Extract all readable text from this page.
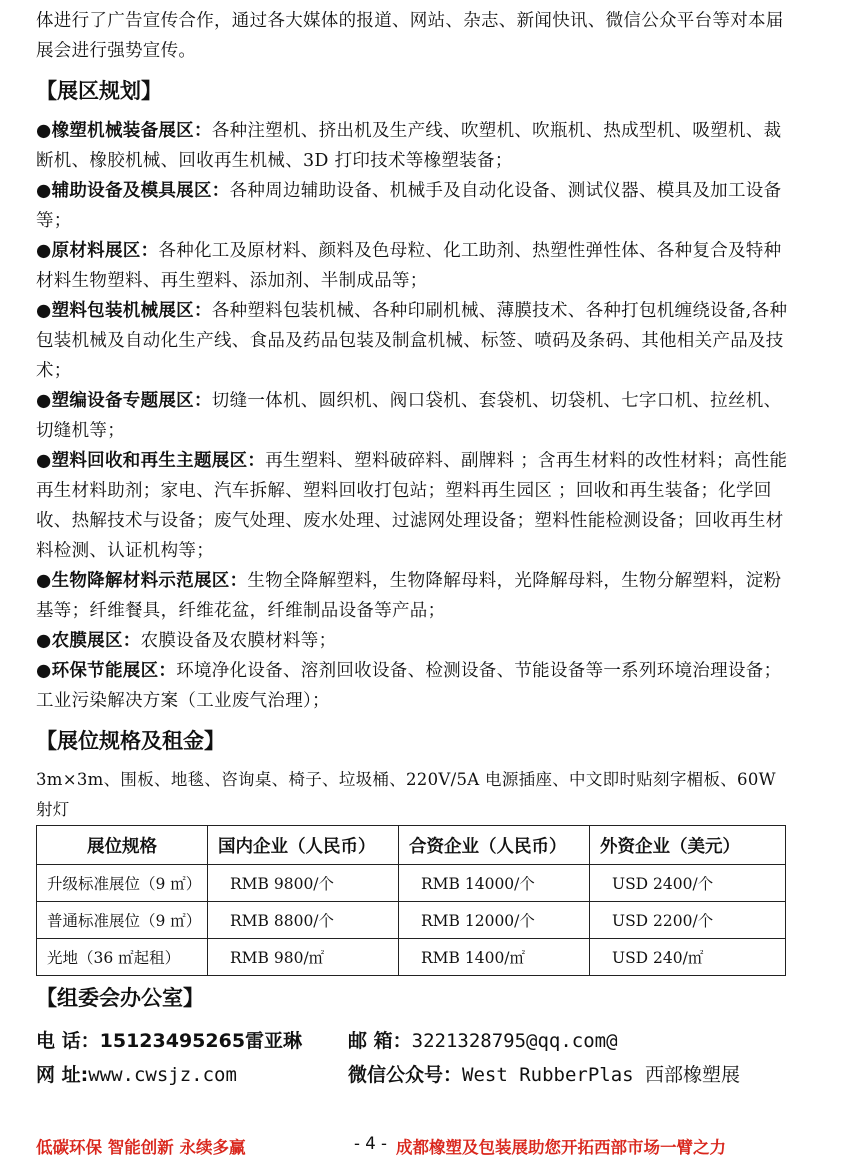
体进行了广告宣传合作，通过各大媒体的报道、网站、杂志、新闻快讯、微信公众平台等对本届展会进行强势宣传。
【展区规划】

●橡塑机械装备展区：各种注塑机、挤出机及生产线、吹塑机、吹瓶机、热成型机、吸塑机、裁断机、橡胶机械、回收再生机械、3D 打印技术等橡塑装备；

●辅助设备及模具展区：各种周边辅助设备、机械手及自动化设备、测试仪器、模具及加工设备等；

●原材料展区：各种化工及原材料、颜料及色母粒、化工助剂、热塑性弹性体、各种复合及特种材料生物塑料、再生塑料、添加剂、半制成品等；

●塑料包装机械展区：各种塑料包装机械、各种印刷机械、薄膜技术、各种打包机缠绕设备,各种包装机械及自动化生产线、食品及药品包装及制盒机械、标签、喷码及条码、其他相关产品及技术；

●塑编设备专题展区：切缝一体机、圆织机、阀口袋机、套袋机、切袋机、七字口机、拉丝机、切缝机等；

●塑料回收和再生主题展区：再生塑料、塑料破碎料、副牌料 ；含再生材料的改性材料；高性能再生材料助剂；家电、汽车拆解、塑料回收打包站；塑料再生园区 ；回收和再生装备；化学回收、热解技术与设备；废气处理、废水处理、过滤网处理设备；塑料性能检测设备；回收再生材料检测、认证机构等；

●生物降解材料示范展区：生物全降解塑料，生物降解母料，光降解母料，生物分解塑料，淀粉基等；纤维餐具，纤维花盆，纤维制品设备等产品；

●农膜展区：农膜设备及农膜材料等；

●环保节能展区：环境净化设备、溶剂回收设备、检测设备、节能设备等一系列环境治理设备；工业污染解决方案（工业废气治理）；

【展位规格及租金】
3m×3m、围板、地毯、咨询桌、椅子、垃圾桶、220V/5A 电源插座、中文即时贴刻字楣板、60W 射灯
展位规格	国内企业（人民币）	合资企业（人民币）	外资企业（美元）
升级标准展位（9 ㎡）	RMB 9800/个	RMB 14000/个	USD 2400/个
普通标准展位（9 ㎡）	RMB 8800/个	RMB 12000/个	USD 2200/个
光地（36 ㎡起租）	RMB 980/㎡	RMB 1400/㎡	USD 240/㎡
【组委会办公室】
电 话：15123495265雷亚琳 邮 箱：3221328795@qq.com@
网 址:www.cwsjz.com	微信公众号：West RubberPlas 西部橡塑展
低碳环保 智能创新 永续多赢	- 4 - 成都橡塑及包装展助您开拓西部市场一臂之力
